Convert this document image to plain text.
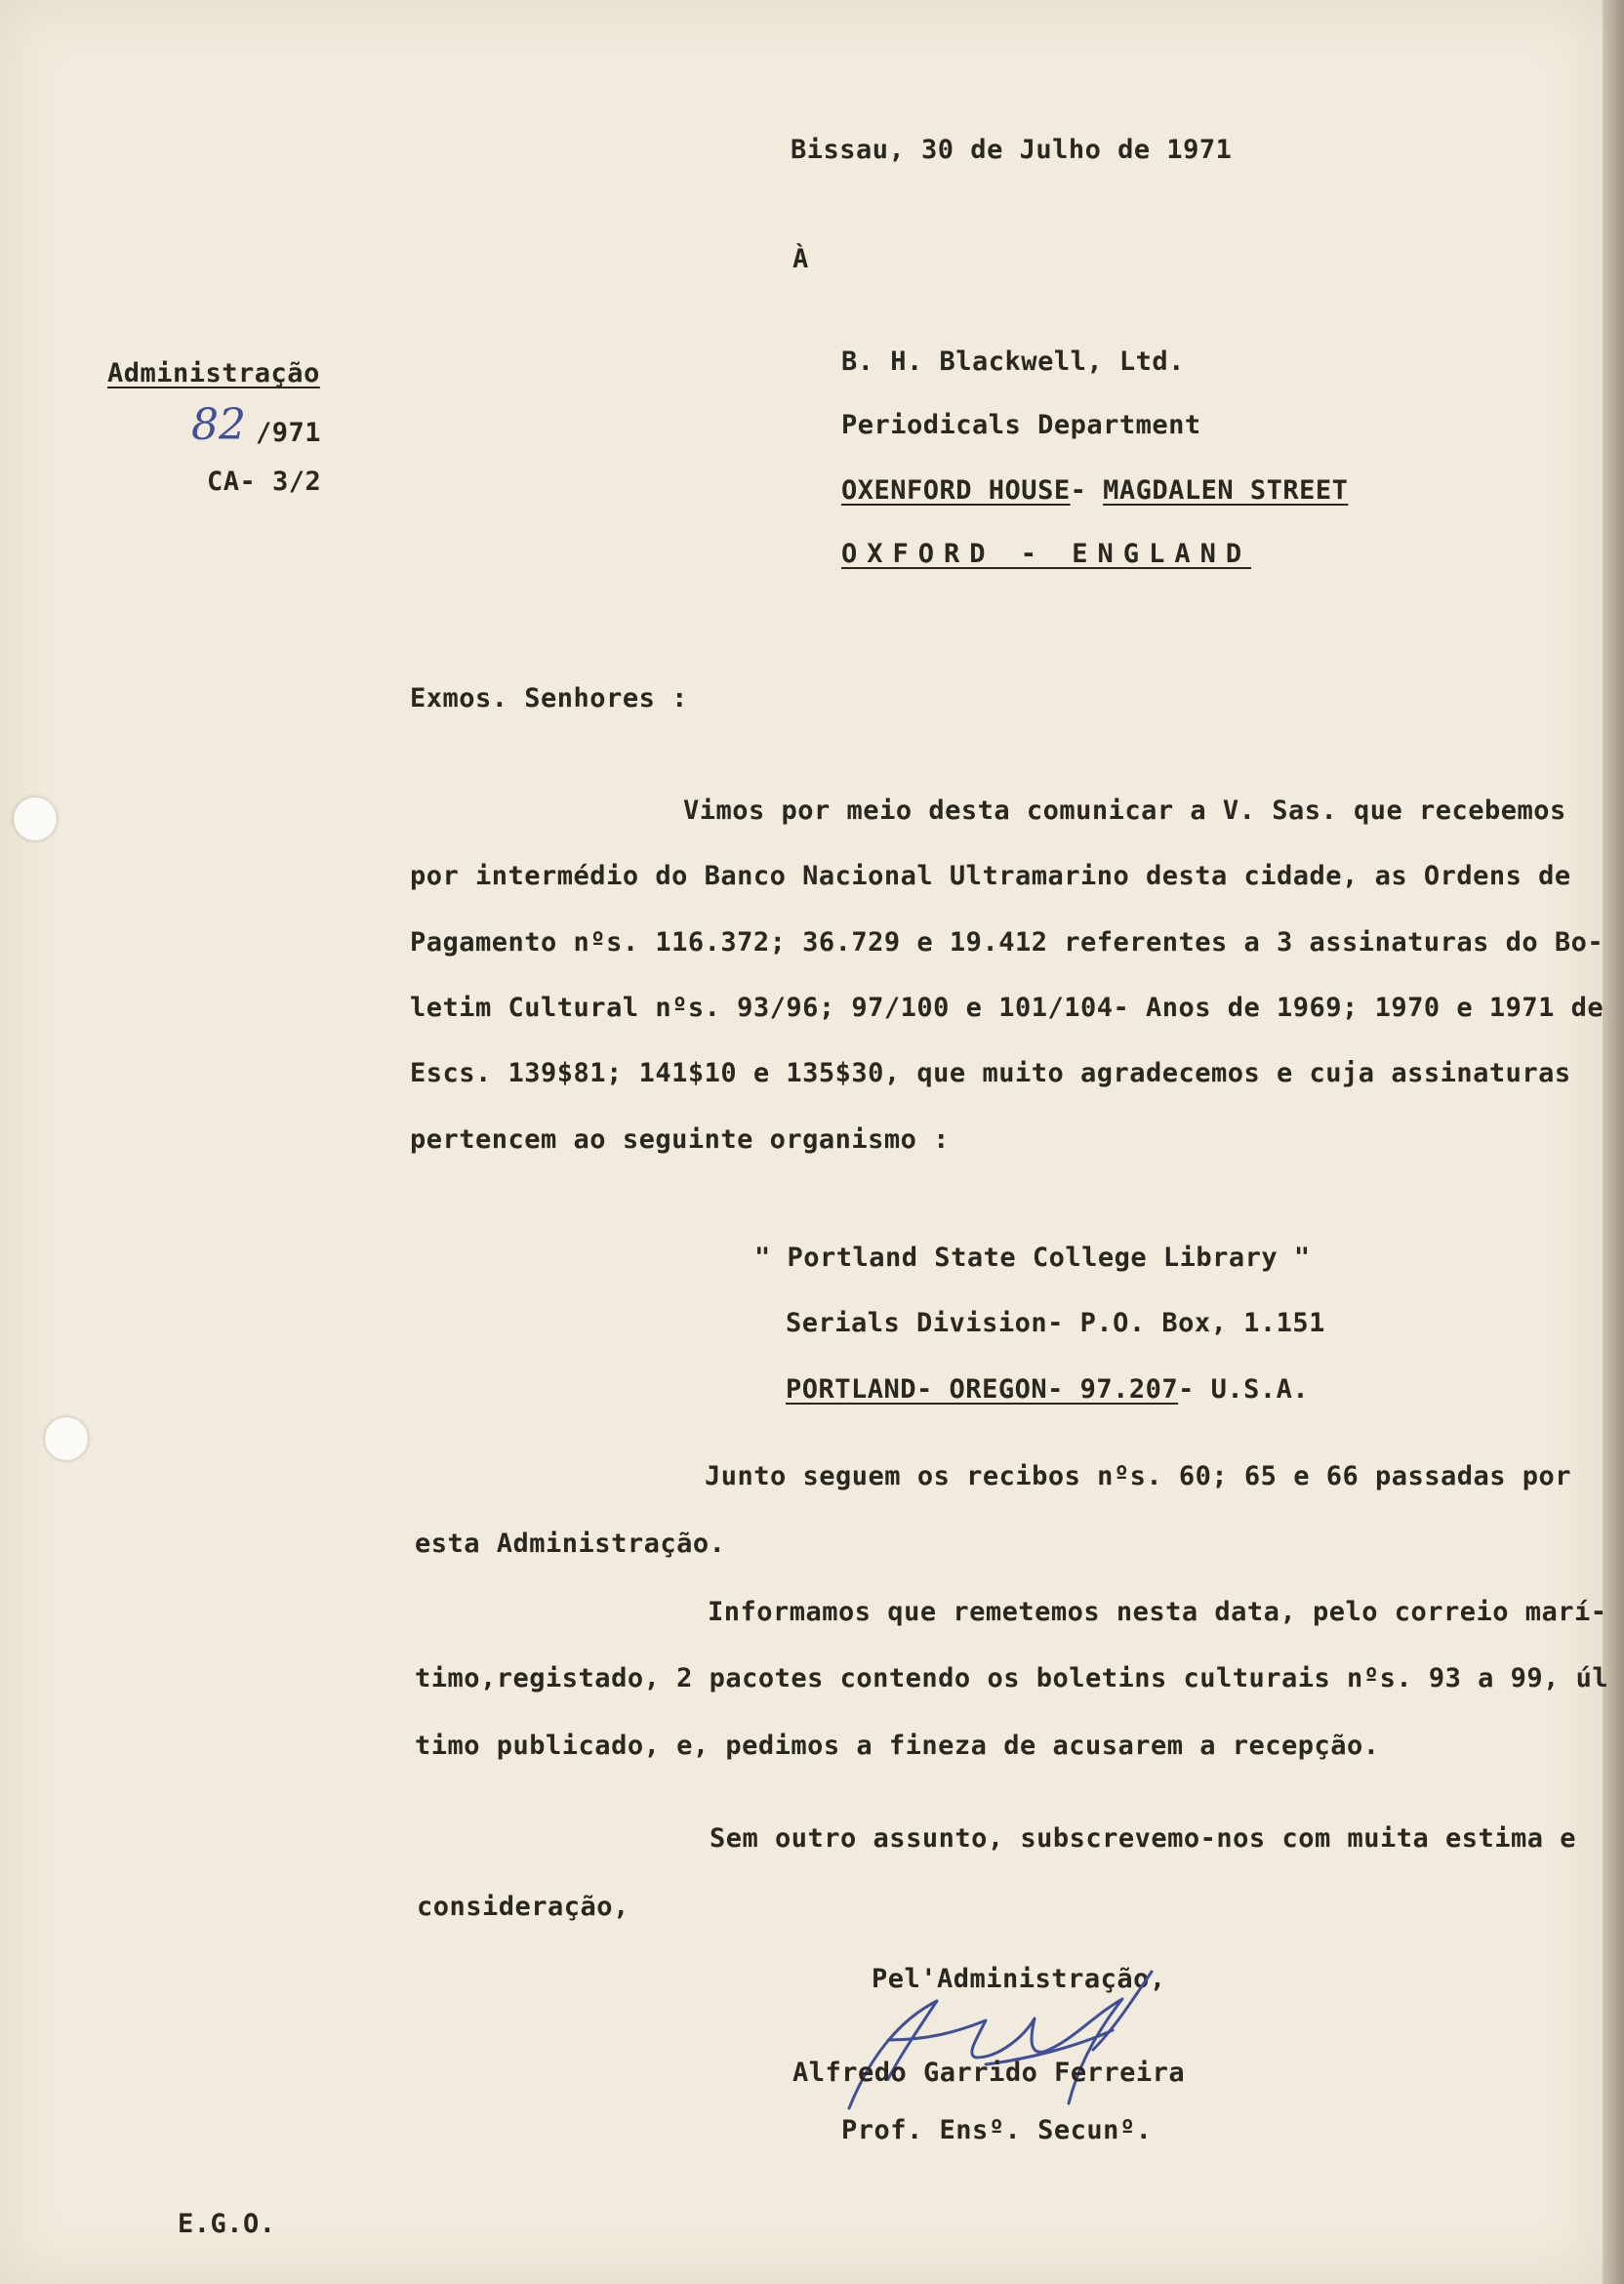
Bissau, 30 de Julho de 1971
À
Administração
82 /971
CA- 3/2
B. H. Blackwell, Ltd.
Periodicals Department
OXENFORD HOUSE- MAGDALEN STREET
OXFORD - ENGLAND
Exmos. Senhores :
Vimos por meio desta comunicar a V. Sas. que recebemos
por intermédio do Banco Nacional Ultramarino desta cidade, as Ordens de
Pagamento nºs. 116.372; 36.729 e 19.412 referentes a 3 assinaturas do Bo-
letim Cultural nºs. 93/96; 97/100 e 101/104- Anos de 1969; 1970 e 1971 de
Escs. 139$81; 141$10 e 135$30, que muito agradecemos e cuja assinaturas
pertencem ao seguinte organismo :
" Portland State College Library "
Serials Division- P.O. Box, 1.151
PORTLAND- OREGON- 97.207- U.S.A.
Junto seguem os recibos nºs. 60; 65 e 66 passadas por
esta Administração.
Informamos que remetemos nesta data, pelo correio marí-
timo,registado, 2 pacotes contendo os boletins culturais nºs. 93 a 99, úl
timo publicado, e, pedimos a fineza de acusarem a recepção.
Sem outro assunto, subscrevemo-nos com muita estima e
consideração,
Pel'Administração,
Alfredo Garrido Ferreira
Prof. Ensº. Secunº.
E.G.O.
